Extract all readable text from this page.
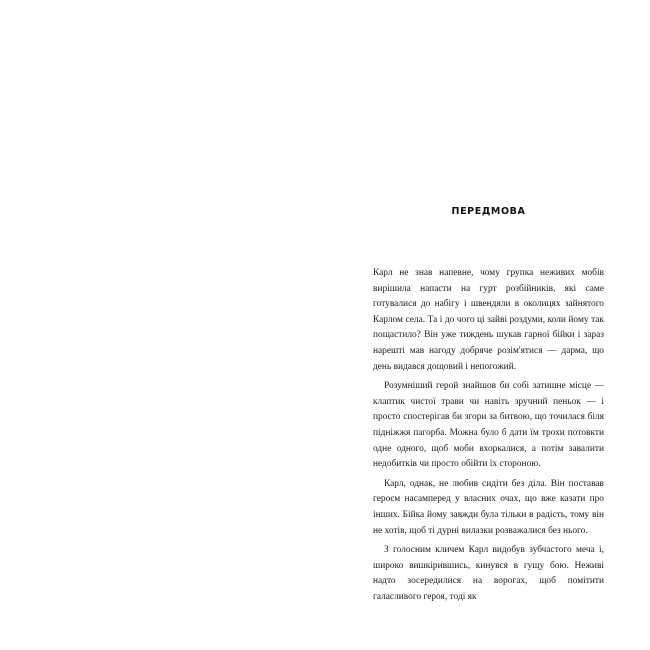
ПЕРЕДМОВА

Карл не знав напевне, чому групка неживих мобів вирішила напасти на гурт розбійників, які саме готувалися до набігу і швендяли в околицях зайнятого Карлом села. Та і до чого ці зайві роздуми, коли йому так пощастило? Він уже тиждень шукав гарної бійки і зараз нарешті мав нагоду добряче розім'ятися — дарма, що день видався дощовий і непогожий.

Розумніший герой знайшов би собі затишне місце — клаптик чистої трави чи навіть зручний пеньок — і просто спостерігав би згори за битвою, що точилася біля підніжжя пагорба. Можна було б дати їм трохи потовкти одне одного, щоб моби вхоркалися, а потім завалити недобитків чи просто обійти їх стороною.

Карл, однак, не любив сидіти без діла. Він поставав героєм насамперед у власних очах, що вже казати про інших. Бійка йому завжди була тільки в радість, тому він не хотів, щоб ті дурні вилазки розважалися без нього.

З голосним кличем Карл видобув зубчастого меча і, широко вишкірившись, кинувся в гущу бою. Неживі надто зосередилися на ворогах, щоб помітити галасливого героя, тоді як
